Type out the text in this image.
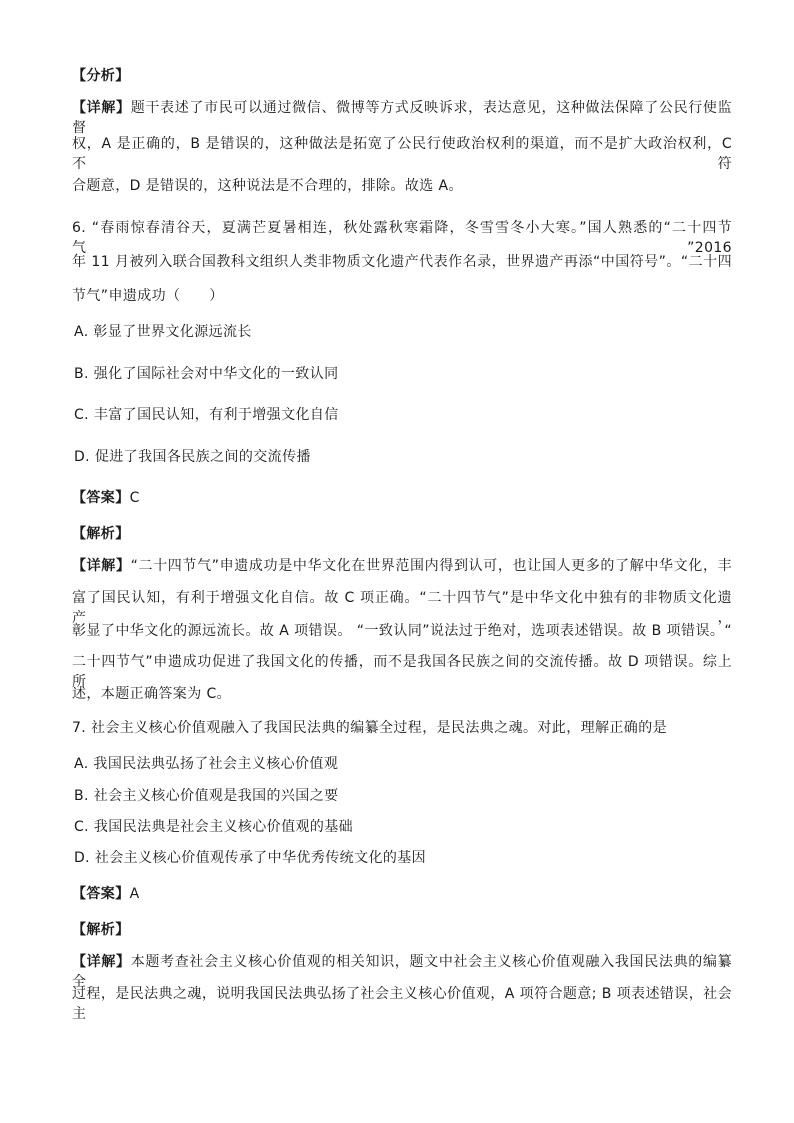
【分析】
【详解】题干表述了市民可以通过微信、微博等方式反映诉求，表达意见，这种做法保障了公民行使监督
权，A 是正确的，B 是错误的，这种做法是拓宽了公民行使政治权利的渠道，而不是扩大政治权利，C 不符
合题意，D 是错误的，这种说法是不合理的，排除。故选 A。
6. “春雨惊春清谷天，夏满芒夏暑相连，秋处露秋寒霜降，冬雪雪冬小大寒。”国人熟悉的“二十四节气”2016
年 11 月被列入联合国教科文组织人类非物质文化遗产代表作名录，世界遗产再添“中国符号”。“二十四
节气”申遗成功（　　）
A. 彰显了世界文化源远流长
B. 强化了国际社会对中华文化的一致认同
C. 丰富了国民认知，有利于增强文化自信
D. 促进了我国各民族之间的交流传播
【答案】C
【解析】
【详解】“二十四节气”申遗成功是中华文化在世界范围内得到认可，也让国人更多的了解中华文化，丰
富了国民认知，有利于增强文化自信。故 C 项正确。“二十四节气”是中华文化中独有的非物质文化遗产，
彰显了中华文化的源远流长。故 A 项错误。 “一致认同”说法过于绝对，选项表述错误。故 B 项错误。“
二十四节气”申遗成功促进了我国文化的传播，而不是我国各民族之间的交流传播。故 D 项错误。综上所
述，本题正确答案为 C。
7. 社会主义核心价值观融入了我国民法典的编纂全过程，是民法典之魂。对此，理解正确的是
A. 我国民法典弘扬了社会主义核心价值观
B. 社会主义核心价值观是我国的兴国之要
C. 我国民法典是社会主义核心价值观的基础
D. 社会主义核心价值观传承了中华优秀传统文化的基因
【答案】A
【解析】
【详解】本题考查社会主义核心价值观的相关知识，题文中社会主义核心价值观融入我国民法典的编纂全
过程，是民法典之魂，说明我国民法典弘扬了社会主义核心价值观，A 项符合题意; B 项表述错误，社会主
